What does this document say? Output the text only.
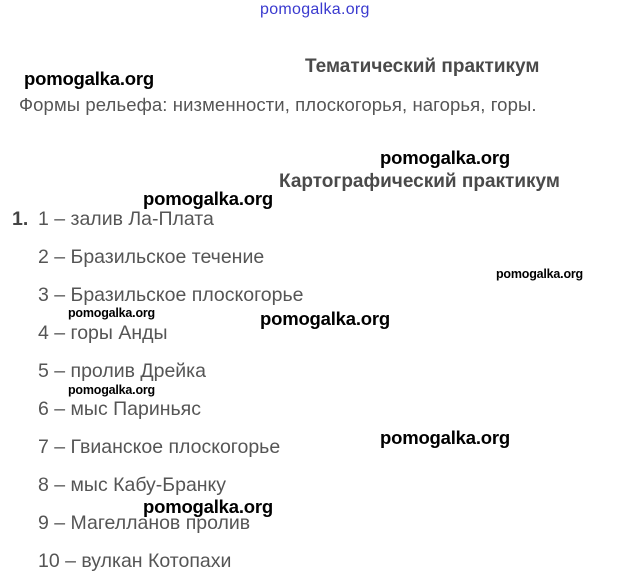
Тематический практикум
Формы рельефа: низменности, плоскогорья, нагорья, горы.
Картографический практикум
1. 1 – залив Ла-Плата
2 – Бразильское течение
3 – Бразильское плоскогорье
4 – горы Анды
5 – пролив Дрейка
6 – мыс Париньяс
7 – Гвианское плоскогорье
8 – мыс Кабу-Бранку
9 – Магелланов пролив
10 – вулкан Котопахи
pomogalka.org
pomogalka.org
pomogalka.org
pomogalka.org
pomogalka.org
pomogalka.org	pomogalka.org
pomogalka.org
pomogalka.org
pomogalka.org
